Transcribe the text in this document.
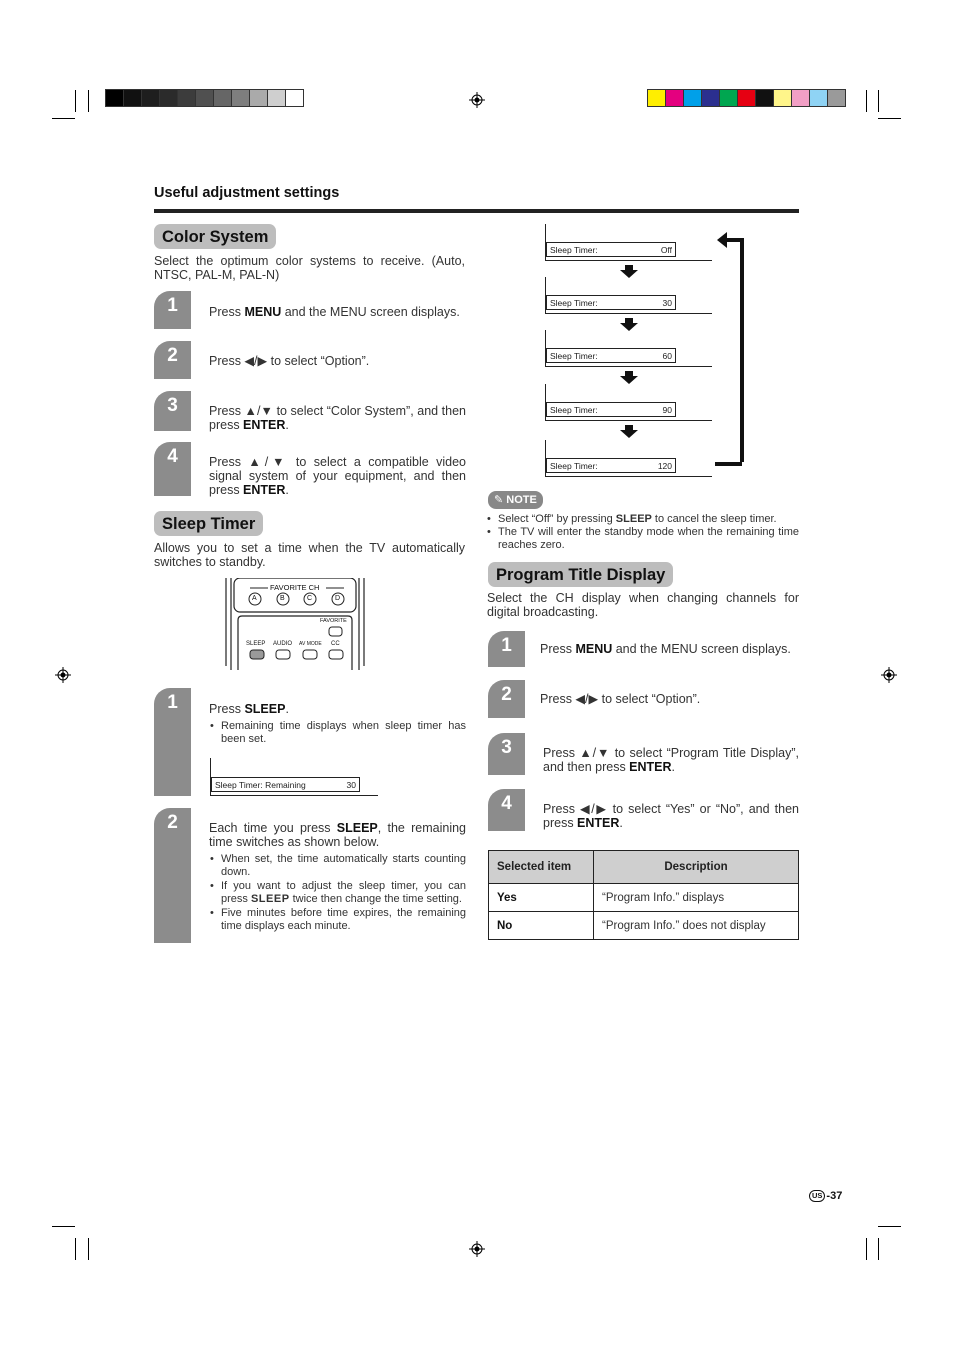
Useful adjustment settings
Color System
Select the optimum color systems to receive. (Auto, NTSC, PAL-M, PAL-N)
1	Press MENU and the MENU screen displays.
2	Press ◀/▶ to select “Option”.
3	Press ▲/▼ to select “Color System”, and then press ENTER.
4	Press ▲/▼ to select a compatible video signal system of your equipment, and then press ENTER.
Sleep Timer
Allows you to set a time when the TV automatically switches to standby.
FAVORITE CH
A	B	C	D
FAVORITE
SLEEP AUDIO AV MODE CC
1	Press SLEEP.
• Remaining time displays when sleep timer has been set.
Sleep Timer: Remaining	30
2	Each time you press SLEEP, the remaining time switches as shown below.
• When set, the time automatically starts counting down.
• If you want to adjust the sleep timer, you can press SLEEP twice then change the time setting.
• Five minutes before time expires, the remaining time displays each minute.
Sleep Timer:	Off
Sleep Timer:	30
Sleep Timer:	60
Sleep Timer:	90
Sleep Timer:	120
✎ NOTE
• Select “Off” by pressing SLEEP to cancel the sleep timer.
• The TV will enter the standby mode when the remaining time reaches zero.
Program Title Display
Select the CH display when changing channels for digital broadcasting.
1	Press MENU and the MENU screen displays.
2	Press ◀/▶ to select “Option”.
3	Press ▲/▼ to select “Program Title Display”, and then press ENTER.
4	Press ◀/▶ to select “Yes” or “No”, and then press ENTER.
Selected item	Description
Yes	“Program Info.” displays
No	“Program Info.” does not display
US -37
